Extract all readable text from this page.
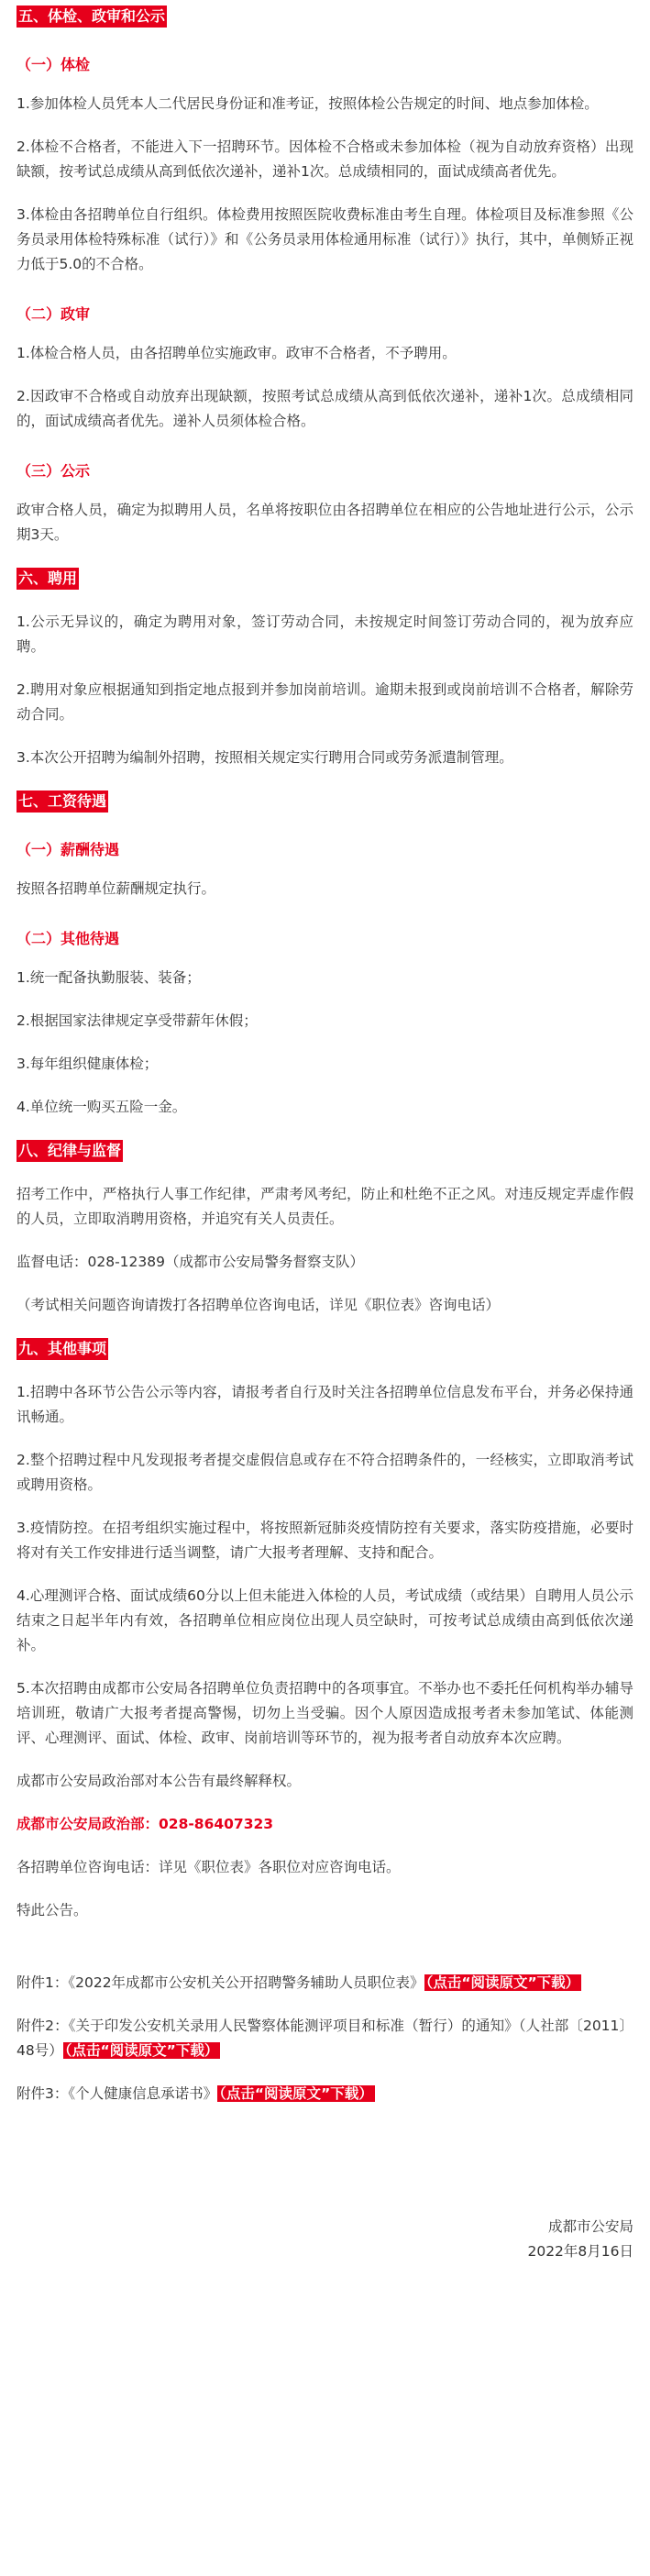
五、体检、政审和公示
（一）体检

1.参加体检人员凭本人二代居民身份证和准考证，按照体检公告规定的时间、地点参加体检。

2.体检不合格者，不能进入下一招聘环节。因体检不合格或未参加体检（视为自动放弃资格）出现缺额，按考试总成绩从高到低依次递补，递补1次。总成绩相同的，面试成绩高者优先。

3.体检由各招聘单位自行组织。体检费用按照医院收费标准由考生自理。体检项目及标准参照《公务员录用体检特殊标准（试行）》和《公务员录用体检通用标准（试行）》执行，其中，单侧矫正视力低于5.0的不合格。

（二）政审

1.体检合格人员，由各招聘单位实施政审。政审不合格者，不予聘用。

2.因政审不合格或自动放弃出现缺额，按照考试总成绩从高到低依次递补，递补1次。总成绩相同的，面试成绩高者优先。递补人员须体检合格。

（三）公示

政审合格人员，确定为拟聘用人员，名单将按职位由各招聘单位在相应的公告地址进行公示，公示期3天。

六、聘用

1.公示无异议的，确定为聘用对象，签订劳动合同，未按规定时间签订劳动合同的，视为放弃应聘。

2.聘用对象应根据通知到指定地点报到并参加岗前培训。逾期未报到或岗前培训不合格者，解除劳动合同。

3.本次公开招聘为编制外招聘，按照相关规定实行聘用合同或劳务派遣制管理。

七、工资待遇
（一）薪酬待遇

按照各招聘单位薪酬规定执行。

（二）其他待遇

1.统一配备执勤服装、装备；

2.根据国家法律规定享受带薪年休假；

3.每年组织健康体检；

4.单位统一购买五险一金。

八、纪律与监督

招考工作中，严格执行人事工作纪律，严肃考风考纪，防止和杜绝不正之风。对违反规定弄虚作假的人员，立即取消聘用资格，并追究有关人员责任。

监督电话：028-12389（成都市公安局警务督察支队）

（考试相关问题咨询请拨打各招聘单位咨询电话，详见《职位表》咨询电话）

九、其他事项

1.招聘中各环节公告公示等内容，请报考者自行及时关注各招聘单位信息发布平台，并务必保持通讯畅通。

2.整个招聘过程中凡发现报考者提交虚假信息或存在不符合招聘条件的，一经核实，立即取消考试或聘用资格。

3.疫情防控。在招考组织实施过程中，将按照新冠肺炎疫情防控有关要求，落实防疫措施，必要时将对有关工作安排进行适当调整，请广大报考者理解、支持和配合。

4.心理测评合格、面试成绩60分以上但未能进入体检的人员，考试成绩（或结果）自聘用人员公示结束之日起半年内有效，各招聘单位相应岗位出现人员空缺时，可按考试总成绩由高到低依次递补。

5.本次招聘由成都市公安局各招聘单位负责招聘中的各项事宜。不举办也不委托任何机构举办辅导培训班，敬请广大报考者提高警惕，切勿上当受骗。因个人原因造成报考者未参加笔试、体能测评、心理测评、面试、体检、政审、岗前培训等环节的，视为报考者自动放弃本次应聘。

成都市公安局政治部对本公告有最终解释权。

成都市公安局政治部：028-86407323

各招聘单位咨询电话：详见《职位表》各职位对应咨询电话。

特此公告。

附件1：《2022年成都市公安机关公开招聘警务辅助人员职位表》 （点击“阅读原文”下载）

附件2：《关于印发公安机关录用人民警察体能测评项目和标准（暂行）的通知》（人社部〔2011〕48号） （点击“阅读原文”下载）

附件3：《个人健康信息承诺书》 （点击“阅读原文”下载）

成都市公安局
2022年8月16日
